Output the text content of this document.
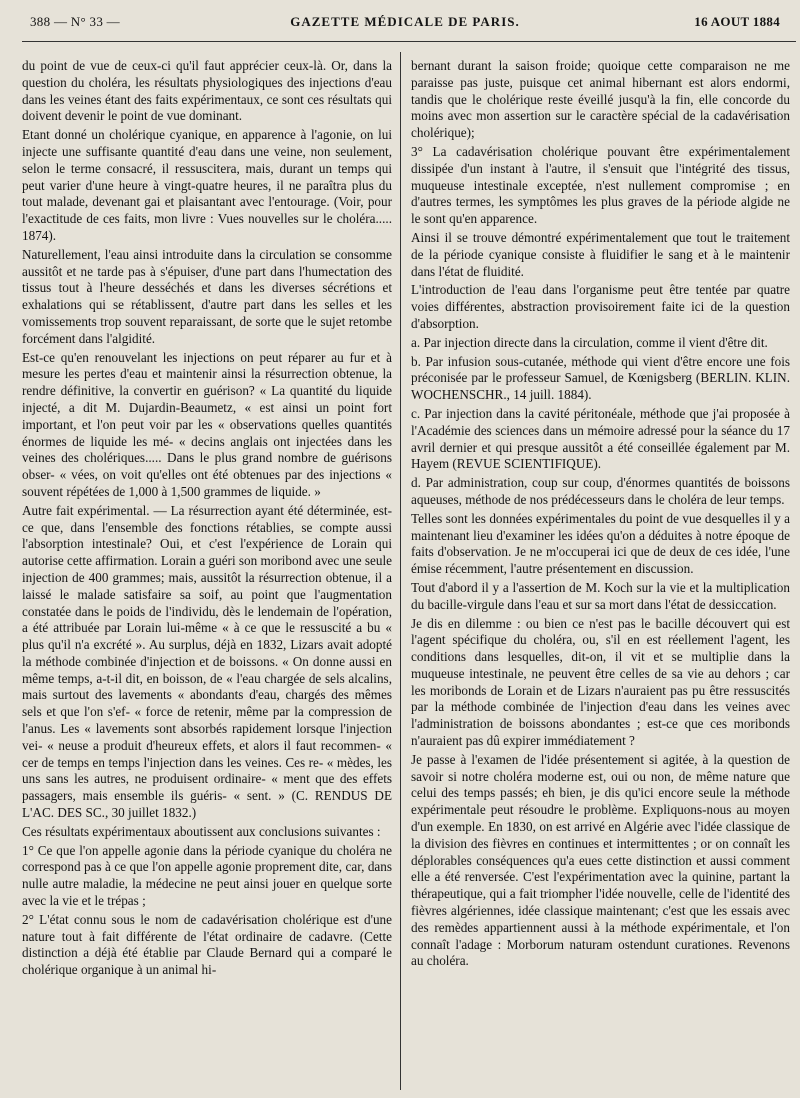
388 — N° 33 —	GAZETTE MÉDICALE DE PARIS.	16 AOUT 1884

du point de vue de ceux-ci qu'il faut apprécier ceux-là. Or, dans la question du choléra, les résultats physiologiques des injections d'eau dans les veines étant des faits expérimentaux, ce sont ces résultats qui doivent devenir le point de vue dominant.

Etant donné un cholérique cyanique, en apparence à l'agonie, on lui injecte une suffisante quantité d'eau dans une veine, non seulement, selon le terme consacré, il ressuscitera, mais, durant un temps qui peut varier d'une heure à vingt-quatre heures, il ne paraîtra plus du tout malade, devenant gai et plaisantant avec l'entourage. (Voir, pour l'exactitude de ces faits, mon livre : Vues nouvelles sur le choléra..... 1874).

Naturellement, l'eau ainsi introduite dans la circulation se consomme aussitôt et ne tarde pas à s'épuiser, d'une part dans l'humectation des tissus tout à l'heure desséchés et dans les diverses sécrétions et exhalations qui se rétablissent, d'autre part dans les selles et les vomissements trop souvent reparaissant, de sorte que le sujet retombe forcément dans l'algidité.

Est-ce qu'en renouvelant les injections on peut réparer au fur et à mesure les pertes d'eau et maintenir ainsi la résurrection obtenue, la rendre définitive, la convertir en guérison? « La quantité du liquide injecté, a dit M. Dujardin-Beaumetz, « est ainsi un point fort important, et l'on peut voir par les « observations quelles quantités énormes de liquide les mé- « decins anglais ont injectées dans les veines des cholériques..... Dans le plus grand nombre de guérisons obser- « vées, on voit qu'elles ont été obtenues par des injections « souvent répétées de 1,000 à 1,500 grammes de liquide. »

Autre fait expérimental. — La résurrection ayant été déterminée, est-ce que, dans l'ensemble des fonctions rétablies, se compte aussi l'absorption intestinale? Oui, et c'est l'expérience de Lorain qui autorise cette affirmation. Lorain a guéri son moribond avec une seule injection de 400 grammes; mais, aussitôt la résurrection obtenue, il a laissé le malade satisfaire sa soif, au point que l'augmentation constatée dans le poids de l'individu, dès le lendemain de l'opération, a été attribuée par Lorain lui-même « à ce que le ressuscité a bu « plus qu'il n'a excrété ». Au surplus, déjà en 1832, Lizars avait adopté la méthode combinée d'injection et de boissons. « On donne aussi en même temps, a-t-il dit, en boisson, de « l'eau chargée de sels alcalins, mais surtout des lavements « abondants d'eau, chargés des mêmes sels et que l'on s'ef- « force de retenir, même par la compression de l'anus. Les « lavements sont absorbés rapidement lorsque l'injection vei- « neuse a produit d'heureux effets, et alors il faut recommen- « cer de temps en temps l'injection dans les veines. Ces re- « mèdes, les uns sans les autres, ne produisent ordinaire- « ment que des effets passagers, mais ensemble ils guéris- « sent. » (C. RENDUS DE L'AC. DES SC., 30 juillet 1832.)

Ces résultats expérimentaux aboutissent aux conclusions suivantes :

1° Ce que l'on appelle agonie dans la période cyanique du choléra ne correspond pas à ce que l'on appelle agonie proprement dite, car, dans nulle autre maladie, la médecine ne peut ainsi jouer en quelque sorte avec la vie et le trépas ;

2° L'état connu sous le nom de cadavérisation cholérique est d'une nature tout à fait différente de l'état ordinaire de cadavre. (Cette distinction a déjà été établie par Claude Bernard qui a comparé le cholérique organique à un animal hi-

bernant durant la saison froide; quoique cette comparaison ne me paraisse pas juste, puisque cet animal hibernant est alors endormi, tandis que le cholérique reste éveillé jusqu'à la fin, elle concorde du moins avec mon assertion sur le caractère spécial de la cadavérisation cholérique);

3° La cadavérisation cholérique pouvant être expérimentalement dissipée d'un instant à l'autre, il s'ensuit que l'intégrité des tissus, muqueuse intestinale exceptée, n'est nullement compromise ; en d'autres termes, les symptômes les plus graves de la période algide ne le sont qu'en apparence.

Ainsi il se trouve démontré expérimentalement que tout le traitement de la période cyanique consiste à fluidifier le sang et à le maintenir dans l'état de fluidité.

L'introduction de l'eau dans l'organisme peut être tentée par quatre voies différentes, abstraction provisoirement faite ici de la question d'absorption.

a. Par injection directe dans la circulation, comme il vient d'être dit.

b. Par infusion sous-cutanée, méthode qui vient d'être encore une fois préconisée par le professeur Samuel, de Kœnigsberg (BERLIN. KLIN. WOCHENSCHR., 14 juill. 1884).

c. Par injection dans la cavité péritonéale, méthode que j'ai proposée à l'Académie des sciences dans un mémoire adressé pour la séance du 17 avril dernier et qui presque aussitôt a été conseillée également par M. Hayem (REVUE SCIENTIFIQUE).

d. Par administration, coup sur coup, d'énormes quantités de boissons aqueuses, méthode de nos prédécesseurs dans le choléra de leur temps.

Telles sont les données expérimentales du point de vue desquelles il y a maintenant lieu d'examiner les idées qu'on a déduites à notre époque de faits d'observation. Je ne m'occuperai ici que de deux de ces idée, l'une émise récemment, l'autre présentement en discussion.

Tout d'abord il y a l'assertion de M. Koch sur la vie et la multiplication du bacille-virgule dans l'eau et sur sa mort dans l'état de dessiccation.

Je dis en dilemme : ou bien ce n'est pas le bacille découvert qui est l'agent spécifique du choléra, ou, s'il en est réellement l'agent, les conditions dans lesquelles, dit-on, il vit et se multiplie dans la muqueuse intestinale, ne peuvent être celles de sa vie au dehors ; car les moribonds de Lorain et de Lizars n'auraient pas pu être ressuscités par la méthode combinée de l'injection d'eau dans les veines avec l'administration de boissons abondantes ; est-ce que ces moribonds n'auraient pas dû expirer immédiatement ?

Je passe à l'examen de l'idée présentement si agitée, à la question de savoir si notre choléra moderne est, oui ou non, de même nature que celui des temps passés; eh bien, je dis qu'ici encore seule la méthode expérimentale peut résoudre le problème. Expliquons-nous au moyen d'un exemple. En 1830, on est arrivé en Algérie avec l'idée classique de la division des fièvres en continues et intermittentes ; or on connaît les déplorables conséquences qu'a eues cette distinction et aussi comment elle a été renversée. C'est l'expérimentation avec la quinine, partant la thérapeutique, qui a fait triompher l'idée nouvelle, celle de l'identité des fièvres algériennes, idée classique maintenant; c'est que les essais avec des remèdes appartiennent aussi à la méthode expérimentale, et l'on connaît l'adage : Morborum naturam ostendunt curationes. Revenons au choléra.
